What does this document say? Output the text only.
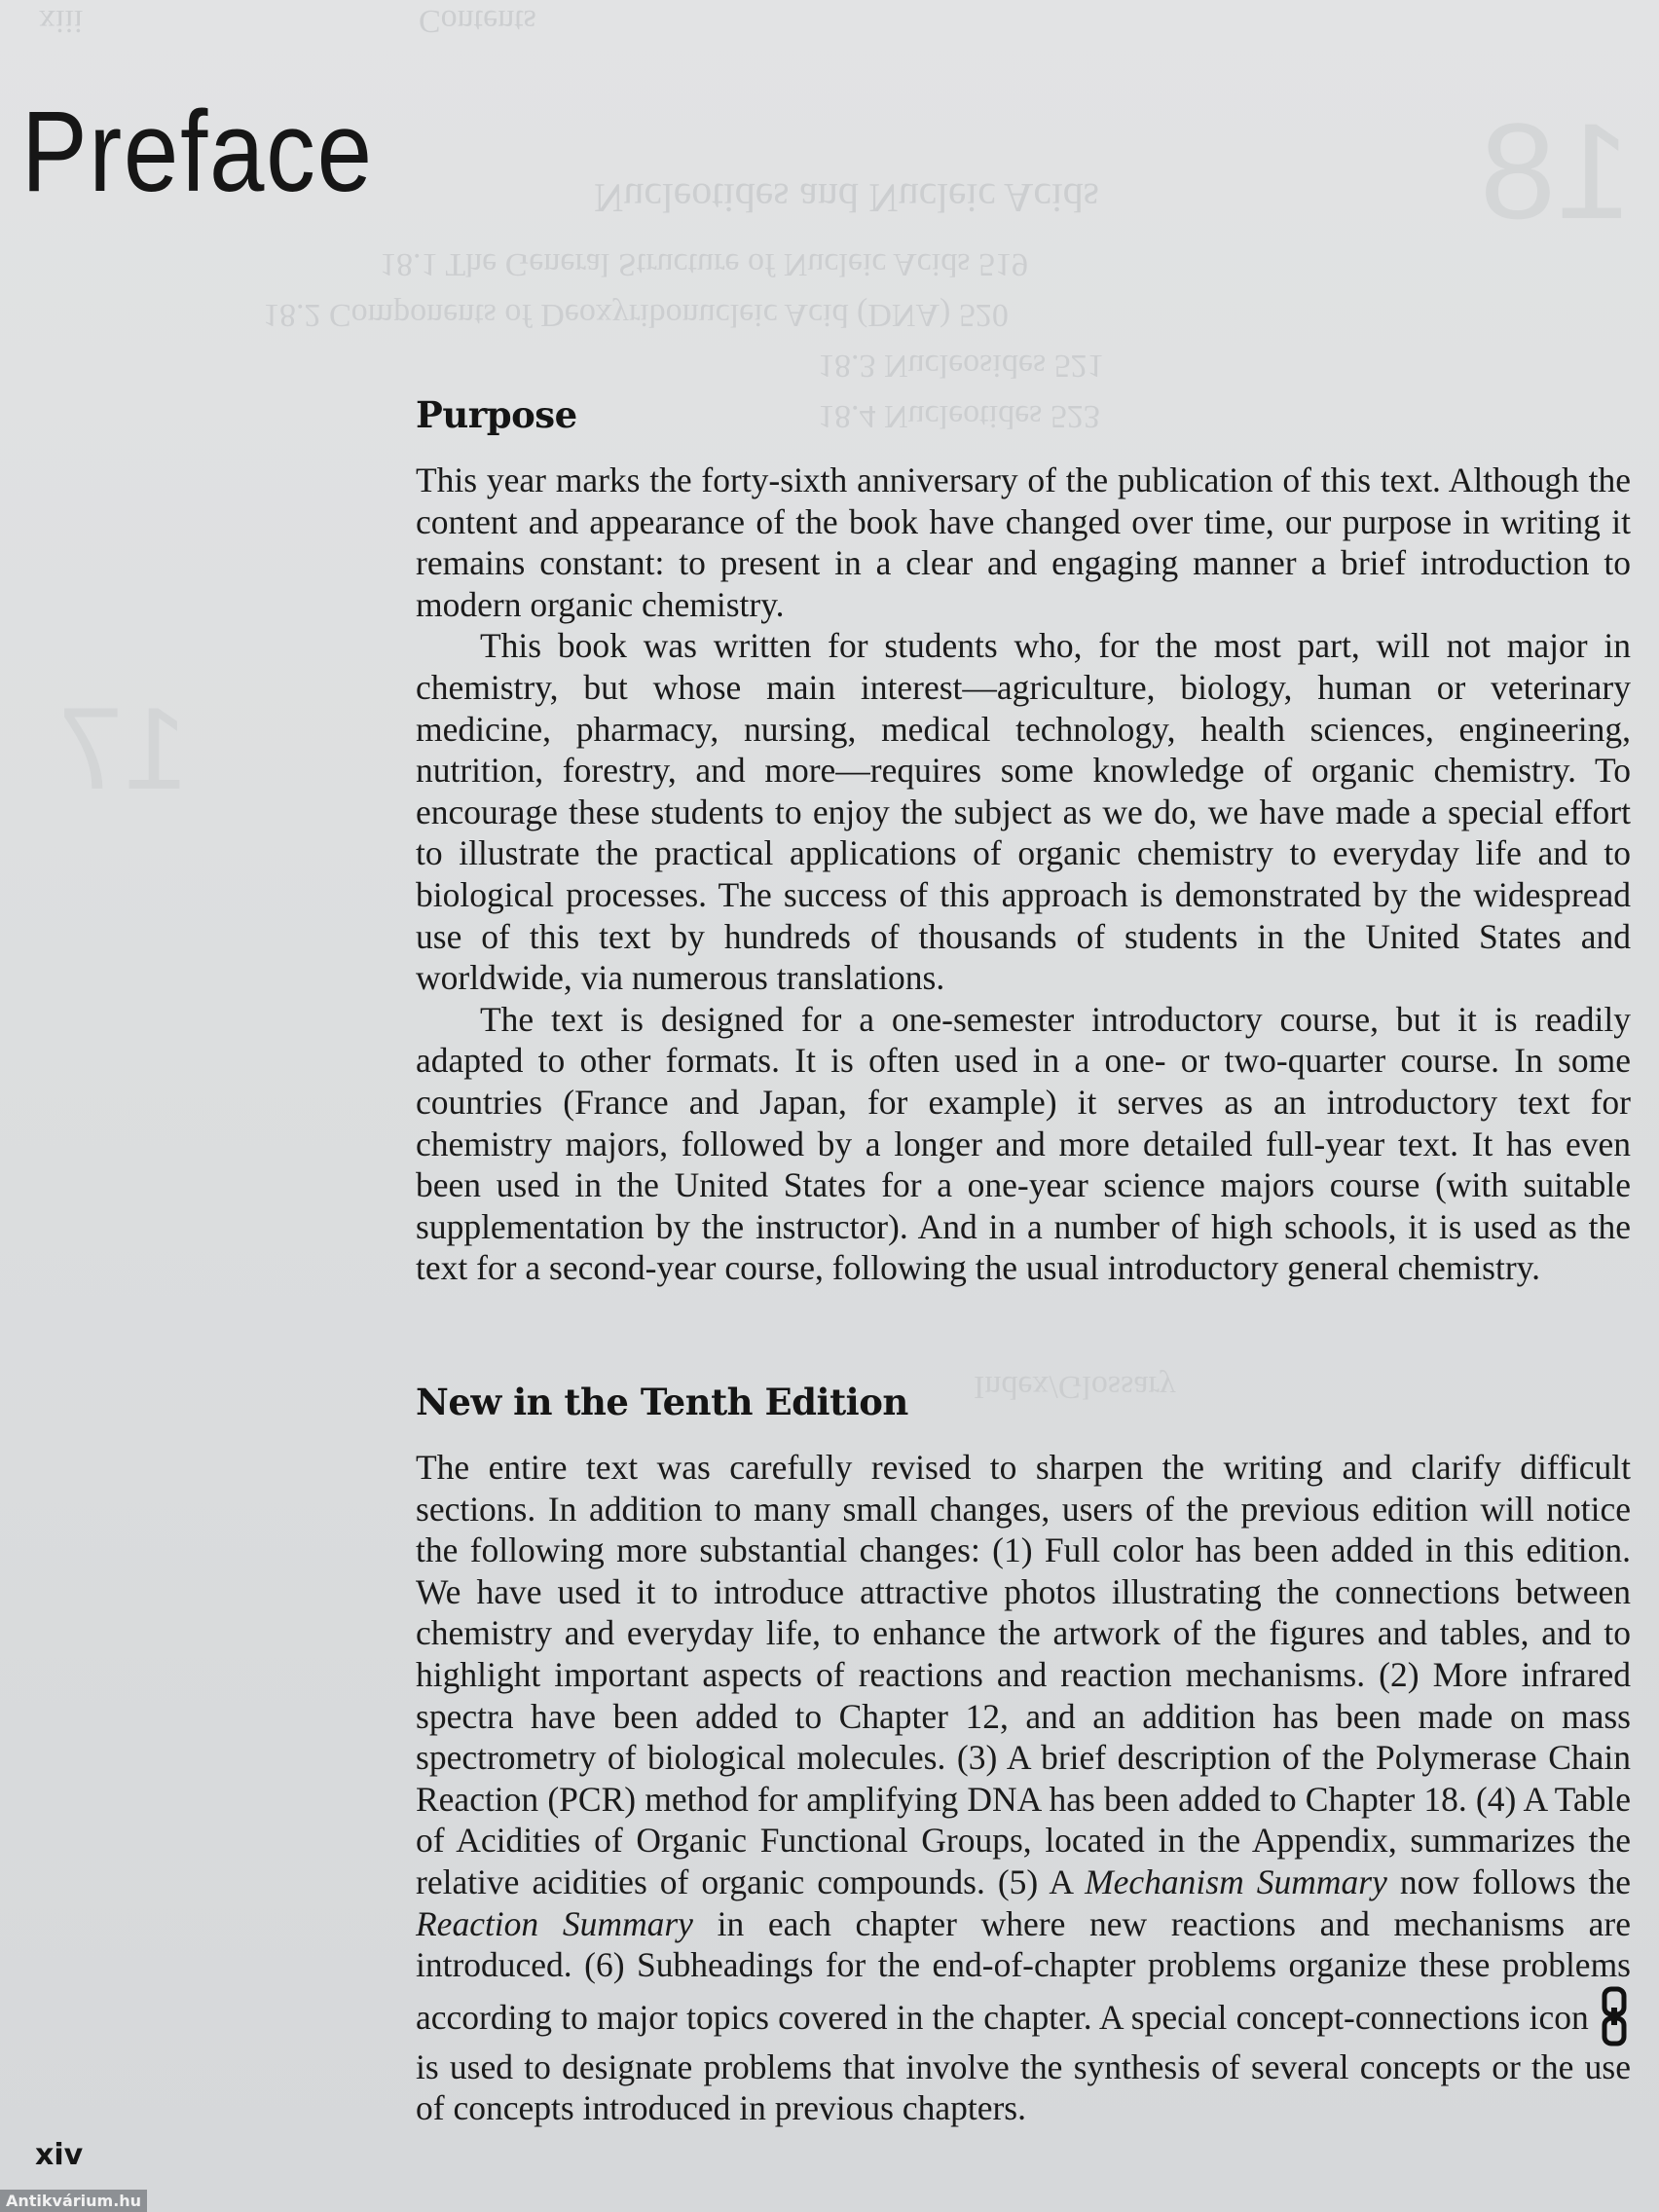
Contents
xiii
18
17
Nucleotides and Nucleic Acids
18.1 The General Structure of Nucleic Acids 519
18.2 Components of Deoxyribonucleic Acid (DNA) 520
18.3 Nucleosides 521
18.4 Nucleotides 523
Index/Glossary
Preface
Purpose

This year marks the forty-sixth anniversary of the publication of this text. Although the content and appearance of the book have changed over time, our purpose in writing it remains constant: to present in a clear and engaging manner a brief introduction to modern organic chemistry.

This book was written for students who, for the most part, will not major in chemistry, but whose main interest—agriculture, biology, human or veterinary medicine, pharmacy, nursing, medical technology, health sciences, engineering, nutrition, forestry, and more—requires some knowledge of organic chemistry. To encourage these students to enjoy the subject as we do, we have made a special effort to illustrate the practical applications of organic chemistry to everyday life and to biological processes. The success of this approach is demonstrated by the widespread use of this text by hundreds of thousands of students in the United States and worldwide, via numerous translations.

The text is designed for a one-semester introductory course, but it is readily adapted to other formats. It is often used in a one- or two-quarter course. In some countries (France and Japan, for example) it serves as an introductory text for chemistry majors, followed by a longer and more detailed full-year text. It has even been used in the United States for a one-year science majors course (with suitable supplementation by the instructor). And in a number of high schools, it is used as the text for a second-year course, following the usual introductory general chemistry.

New in the Tenth Edition

The entire text was carefully revised to sharpen the writing and clarify difficult sections. In addition to many small changes, users of the previous edition will notice the following more substantial changes: (1) Full color has been added in this edition. We have used it to introduce attractive photos illustrating the connections between chemistry and everyday life, to enhance the artwork of the figures and tables, and to highlight important aspects of reactions and reaction mechanisms. (2) More infrared spectra have been added to Chapter 12, and an addition has been made on mass spectrometry of biological molecules. (3) A brief description of the Polymerase Chain Reaction (PCR) method for amplifying DNA has been added to Chapter 18. (4) A Table of Acidities of Organic Functional Groups, located in the Appendix, summarizes the relative acidities of organic compounds. (5) A Mechanism Summary now follows the Reaction Summary in each chapter where new reactions and mechanisms are introduced. (6) Subheadings for the end-of-chapter problems organize these problems according to major topics covered in the chapter. A special concept-connections icon  is used to designate problems that involve the synthesis of several concepts or the use of concepts introduced in previous chapters.

xiv

Antikvárium.hu
